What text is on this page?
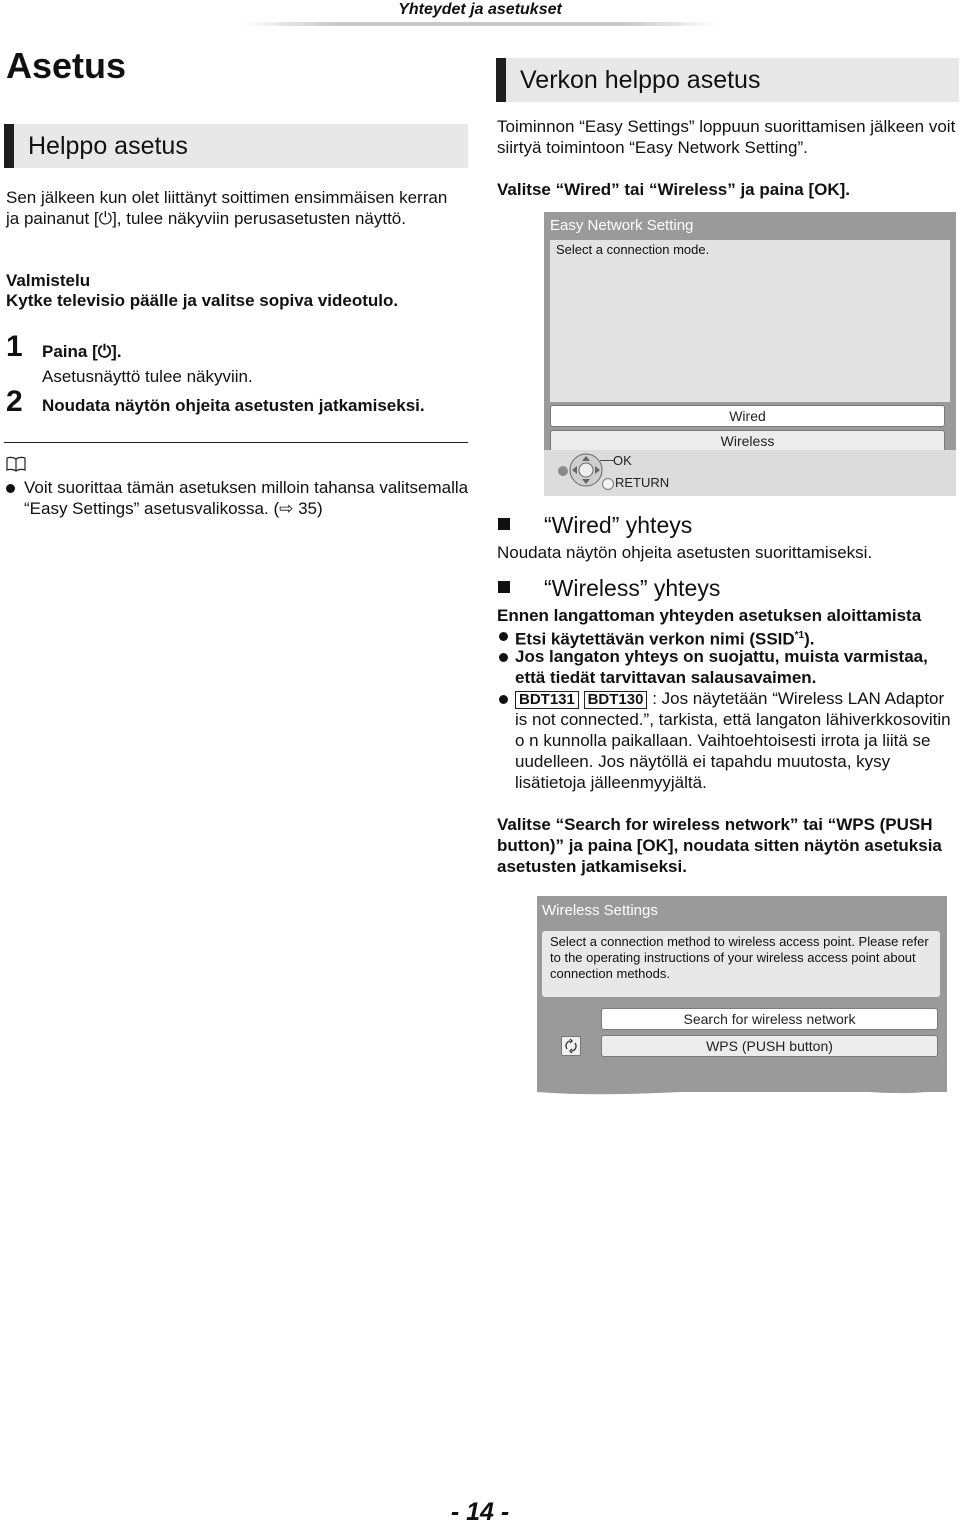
Yhteydet ja asetukset
Asetus
Helppo asetus
Sen jälkeen kun olet liittänyt soittimen ensimmäisen kerran ja painanut [⏻], tulee näkyviin perusasetusten näyttö.
Valmistelu
Kytke televisio päälle ja valitse sopiva videotulo.
1 Paina [⏻].
Asetusnäyttö tulee näkyviin.
2 Noudata näytön ohjeita asetusten jatkamiseksi.
Voit suorittaa tämän asetuksen milloin tahansa valitsemalla “Easy Settings” asetusvalikossa. (⇨ 35)
Verkon helppo asetus
Toiminnon “Easy Settings” loppuun suorittamisen jälkeen voit siirtyä toimintoon “Easy Network Setting”.
Valitse “Wired” tai “Wireless” ja paina [OK].
Easy Network Setting
Select a connection mode.
Wired
Wireless
OK
RETURN
“Wired” yhteys
Noudata näytön ohjeita asetusten suorittamiseksi.
“Wireless” yhteys
Ennen langattoman yhteyden asetuksen aloittamista
Etsi käytettävän verkon nimi (SSID$^{*1}$).
Jos langaton yhteys on suojattu, muista varmistaa, että tiedät tarvittavan salausavaimen.
BDT131 BDT130 : Jos näytetään “Wireless LAN Adaptor is not connected.”, tarkista, että langaton lähiverkkosovitin o n kunnolla paikallaan. Vaihtoehtoisesti irrota ja liitä se uudelleen. Jos näytöllä ei tapahdu muutosta, kysy lisätietoja jälleenmyyjältä.
Valitse “Search for wireless network” tai “WPS (PUSH button)” ja paina [OK], noudata sitten näytön asetuksia asetusten jatkamiseksi.
Wireless Settings
Select a connection method to wireless access point. Please refer to the operating instructions of your wireless access point about connection methods.
Search for wireless network
WPS (PUSH button)
- 14 -
